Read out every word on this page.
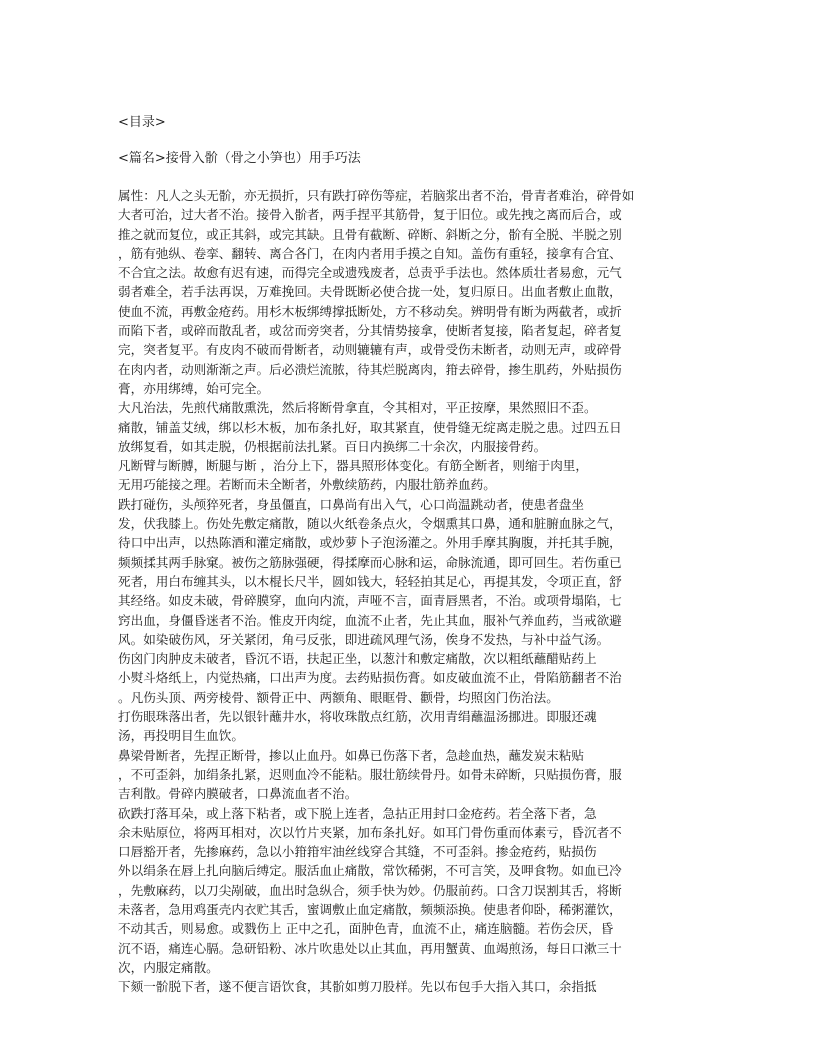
<目录>
<篇名>接骨入骱（骨之小笋也）用手巧法
属性：凡人之头无骱，亦无损折，只有跌打碎伤等症，若脑浆出者不治，骨青者难治，碎骨如
大者可治，过大者不治。接骨入骱者，两手捏平其筋骨，复于旧位。或先拽之离而后合，或
推之就而复位，或正其斜，或完其缺。且骨有截断、碎断、斜断之分，骱有全脱、半脱之别
，筋有弛纵、卷挛、翻转、离合各门，在肉内者用手摸之自知。盖伤有重轻，接拿有合宜、
不合宜之法。故愈有迟有速，而得完全或遗残废者，总责乎手法也。然体质壮者易愈，元气
弱者难全，若手法再误，万难挽回。夫骨既断必使合拢一处，复归原日。出血者敷止血散，
使血不流，再敷金疮药。用杉木板绑缚撑抵断处，方不移动矣。辨明骨有断为两截者，或折
而陷下者，或碎而散乱者，或岔而旁突者，分其情势接拿，使断者复接，陷者复起，碎者复
完，突者复平。有皮肉不破而骨断者，动则辘辘有声，或骨受伤未断者，动则无声，或碎骨
在肉内者，动则渐渐之声。后必溃烂流脓，待其烂脱离肉，箝去碎骨，掺生肌药，外贴损伤
膏，亦用绑缚，始可完全。
大凡治法，先煎代痛散熏洗，然后将断骨拿直，令其相对，平正按摩，果然照旧不歪。
痛散，铺盖艾绒，绑以杉木板，加布条扎好，取其紧直，使骨缝无绽离走脱之患。过四五日
放绑复看，如其走脱，仍根据前法扎紧。百日内换绑二十余次，内服接骨药。
凡断臂与断膊，断腿与断 ，治分上下，器具照形体变化。有筋全断者，则缩于肉里，
无用巧能接之理。若断而未全断者，外敷续筋药，内服壮筋养血药。
跌打碰伤，头颅猝死者，身虽僵直，口鼻尚有出入气，心口尚温跳动者，使患者盘坐
发，伏我膝上。伤处先敷定痛散，随以火纸卷条点火，令烟熏其口鼻，通和脏腑血脉之气，
待口中出声，以热陈酒和灌定痛散，或炒萝卜子泡汤灌之。外用手摩其胸腹，并托其手腕，
频频揉其两手脉窠。被伤之筋脉强硬，得揉摩而心脉和运，命脉流通，即可回生。若伤重已
死者，用白布缠其头，以木棍长尺半，圆如钱大，轻轻拍其足心，再提其发，令项正直，舒
其经络。如皮未破，骨碎膜穿，血向内流，声哑不言，面青唇黑者，不治。或项骨塌陷，七
窍出血，身僵昏迷者不治。惟皮开肉绽，血流不止者，先止其血，服补气养血药，当戒欲避
风。如染破伤风，牙关紧闭，角弓反张，即进疏风理气汤，俟身不发热，与补中益气汤。
伤囟门肉肿皮未破者，昏沉不语，扶起正坐，以葱汁和敷定痛散，次以粗纸蘸醋贴药上
小熨斗烙纸上，内觉热痛，口出声为度。去药贴损伤膏。如皮破血流不止，骨陷筋翻者不治
。凡伤头顶、两旁棱骨、额骨正中、两额角、眼眶骨、颧骨，均照囟门伤治法。
打伤眼珠落出者，先以银针蘸井水，将收珠散点红筋，次用青绢蘸温汤挪进。即服还魂
汤，再投明目生血饮。
鼻梁骨断者，先捏正断骨，掺以止血丹。如鼻已伤落下者，急趁血热，蘸发炭末粘贴
，不可歪斜，加绢条扎紧，迟则血冷不能粘。服壮筋续骨丹。如骨未碎断，只贴损伤膏，服
吉利散。骨碎内膜破者，口鼻流血者不治。
砍跌打落耳朵，或上落下粘者，或下脱上连者，急拈正用封口金疮药。若全落下者，急
余未贴原位，将两耳相对，次以竹片夹紧，加布条扎好。如耳门骨伤重而体素亏，昏沉者不
口唇豁开者，先掺麻药，急以小箝箝牢油丝线穿合其缝，不可歪斜。掺金疮药，贴损伤
外以绢条在唇上扎向脑后缚定。服活血止痛散，常饮稀粥，不可言笑，及呷食物。如血已冷
，先敷麻药，以刀尖剐破，血出时急纵合，须手快为妙。仍服前药。口含刀误割其舌，将断
未落者，急用鸡蛋壳内衣贮其舌，蜜调敷止血定痛散，频频添换。使患者仰卧，稀粥灌饮，
不动其舌，则易愈。或戮伤上 正中之孔，面肿色青，血流不止，痛连脑髓。若伤会厌，昏
沉不语，痛连心膈。急研铅粉、冰片吹患处以止其血，再用蟹黄、血竭煎汤，每日口漱三十
次，内服定痛散。
下颏一骱脱下者，遂不便言语饮食，其骱如剪刀股样。先以布包手大指入其口，余指抵
